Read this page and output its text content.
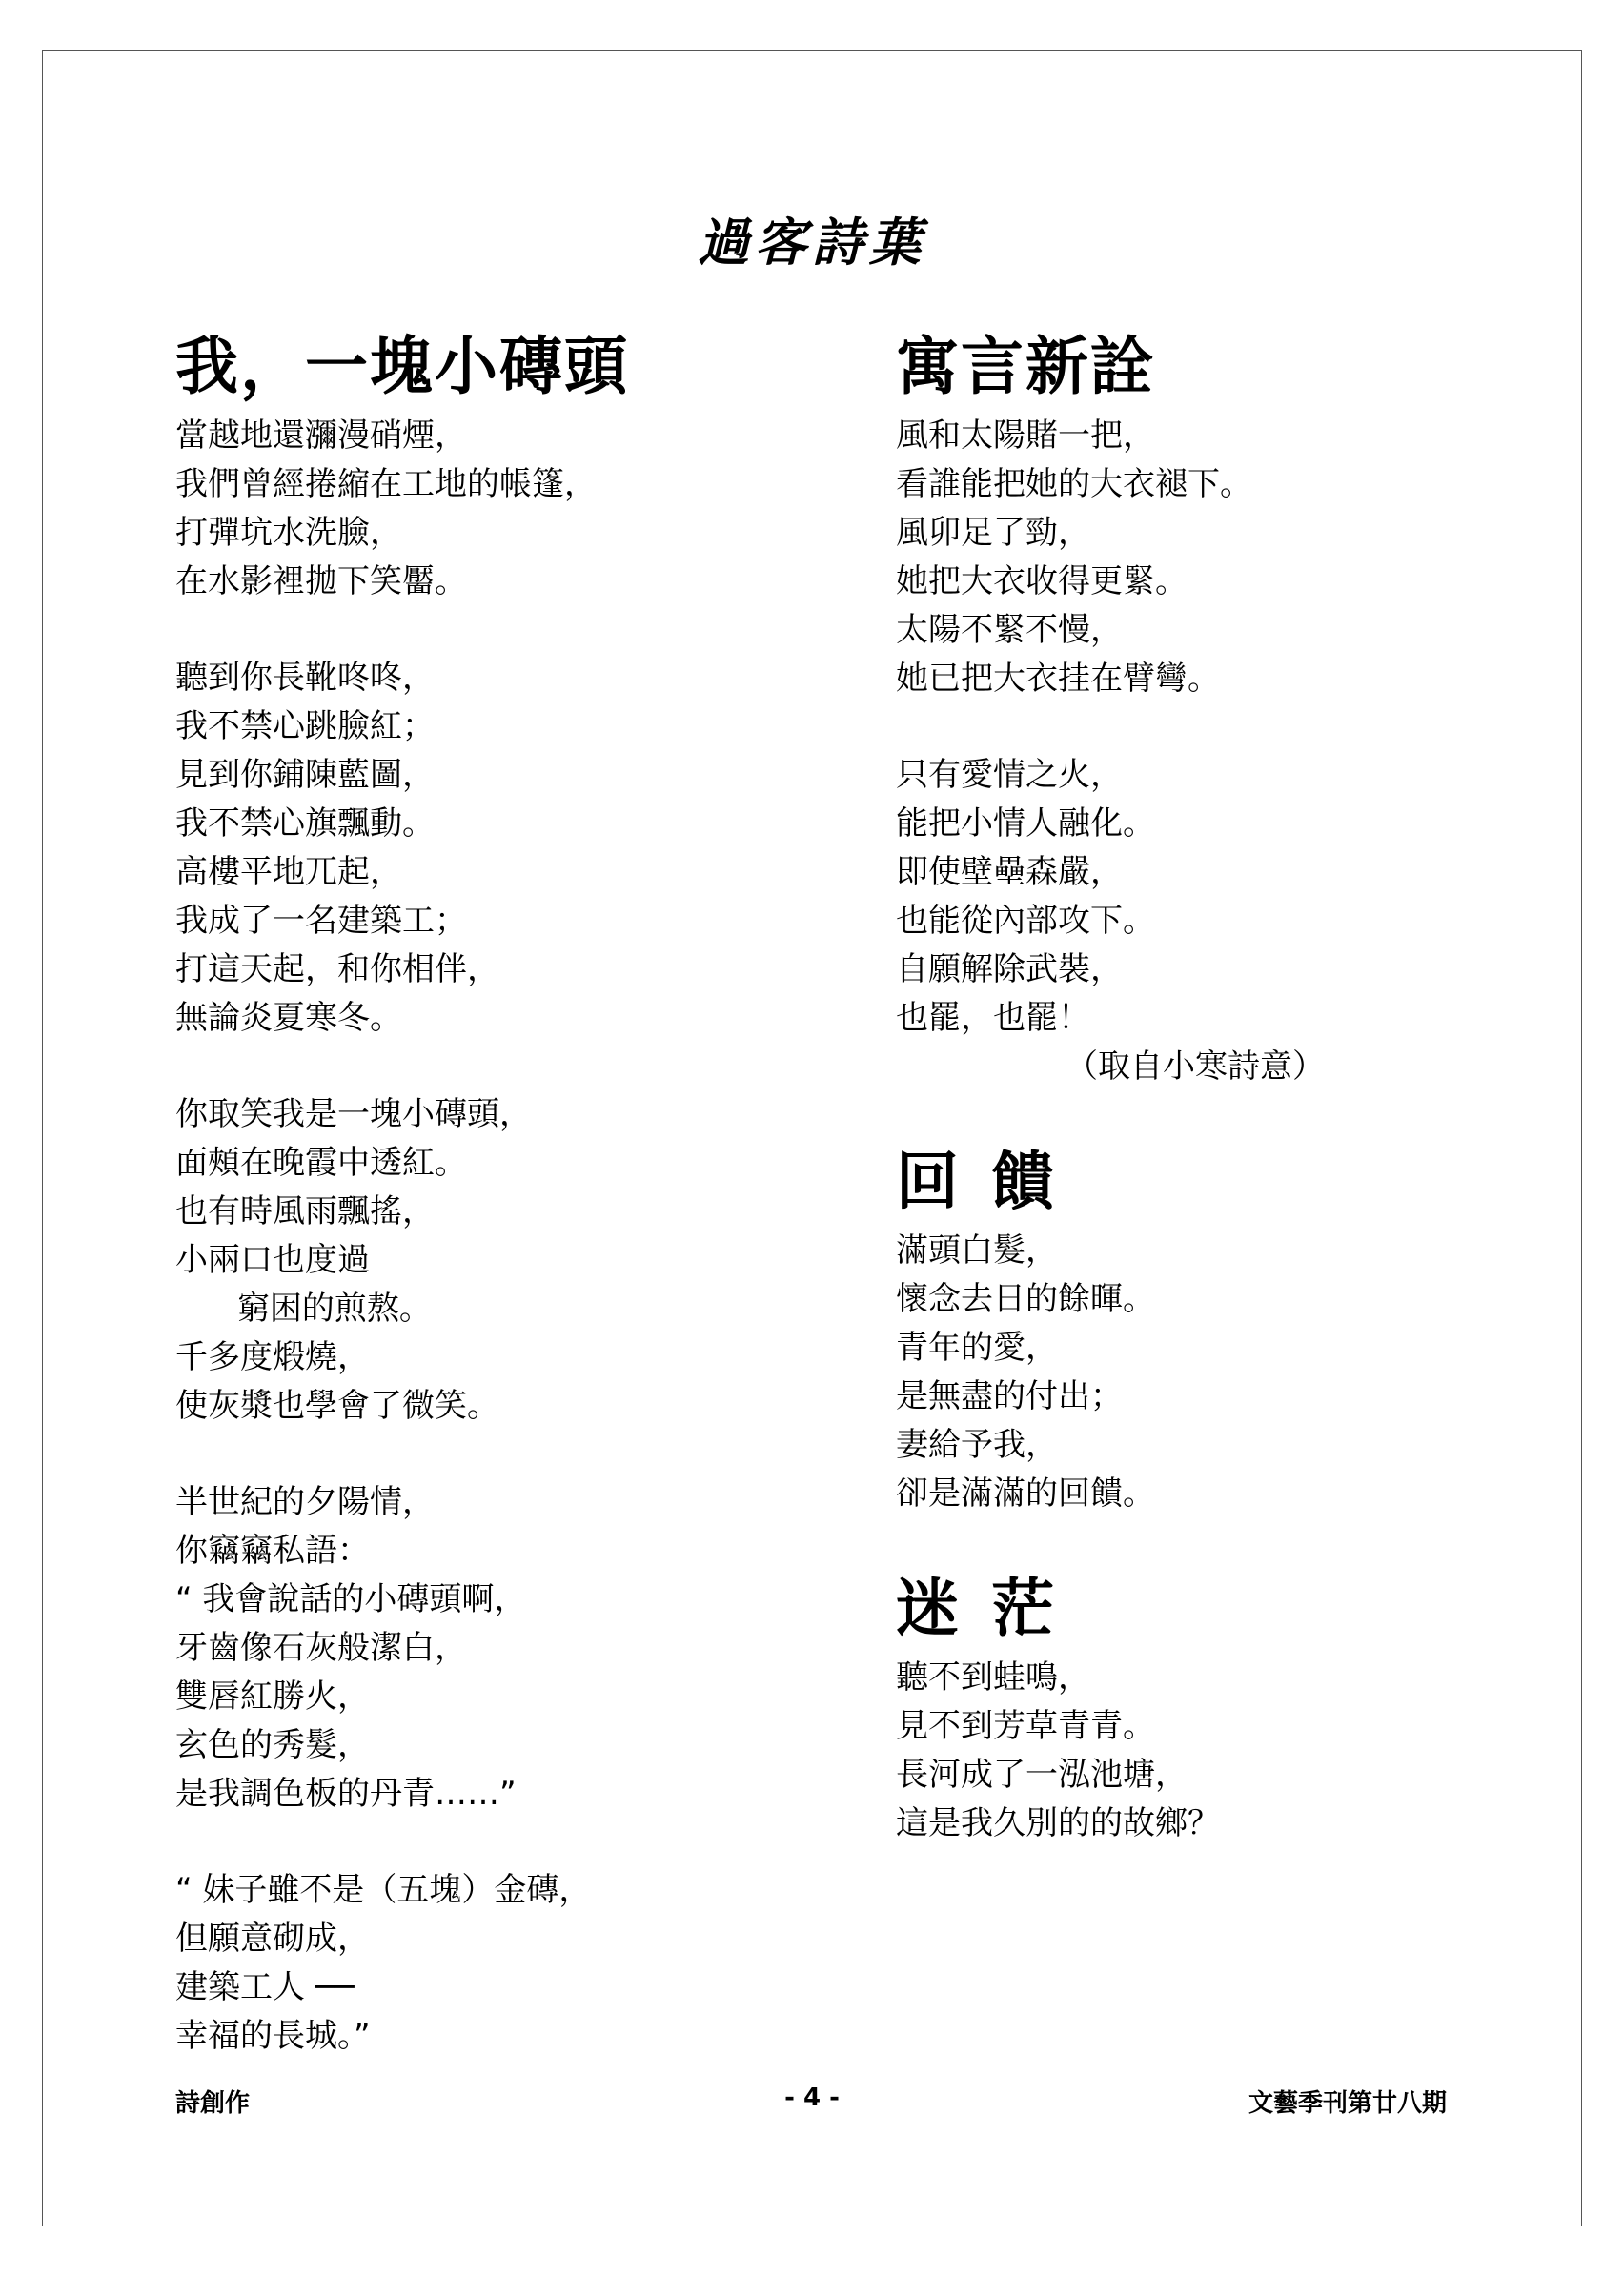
過客詩葉
我，一塊小磚頭
當越地還瀰漫硝煙，
我們曾經捲縮在工地的帳篷，
打彈坑水洗臉，
在水影裡拋下笑靨。
聽到你長靴咚咚，
我不禁心跳臉紅；
見到你鋪陳藍圖，
我不禁心旗飄動。
高樓平地兀起，
我成了一名建築工；
打這天起，和你相伴，
無論炎夏寒冬。
你取笑我是一塊小磚頭，
面頰在晚霞中透紅。
也有時風雨飄搖，
小兩口也度過
窮困的煎熬。
千多度煅燒，
使灰漿也學會了微笑。
半世紀的夕陽情，
你竊竊私語：
“ 我會說話的小磚頭啊，
牙齒像石灰般潔白，
雙唇紅勝火，
玄色的秀髮，
是我調色板的丹青……”
“ 妹子雖不是（五塊）金磚，
但願意砌成，
建築工人 ──
幸福的長城。”
寓言新詮
風和太陽賭一把，
看誰能把她的大衣褪下。
風卯足了勁，
她把大衣收得更緊。
太陽不緊不慢，
她已把大衣挂在臂彎。
只有愛情之火，
能把小情人融化。
即使壁壘森嚴，
也能從內部攻下。
自願解除武裝，
也罷，也罷！
（取自小寒詩意）
回饋
滿頭白髮，
懷念去日的餘暉。
青年的愛，
是無盡的付出；
妻給予我，
卻是滿滿的回饋。
迷茫
聽不到蛙鳴，
見不到芳草青青。
長河成了一泓池塘，
這是我久別的的故鄉？
詩創作	- 4 -	文藝季刊第廿八期
